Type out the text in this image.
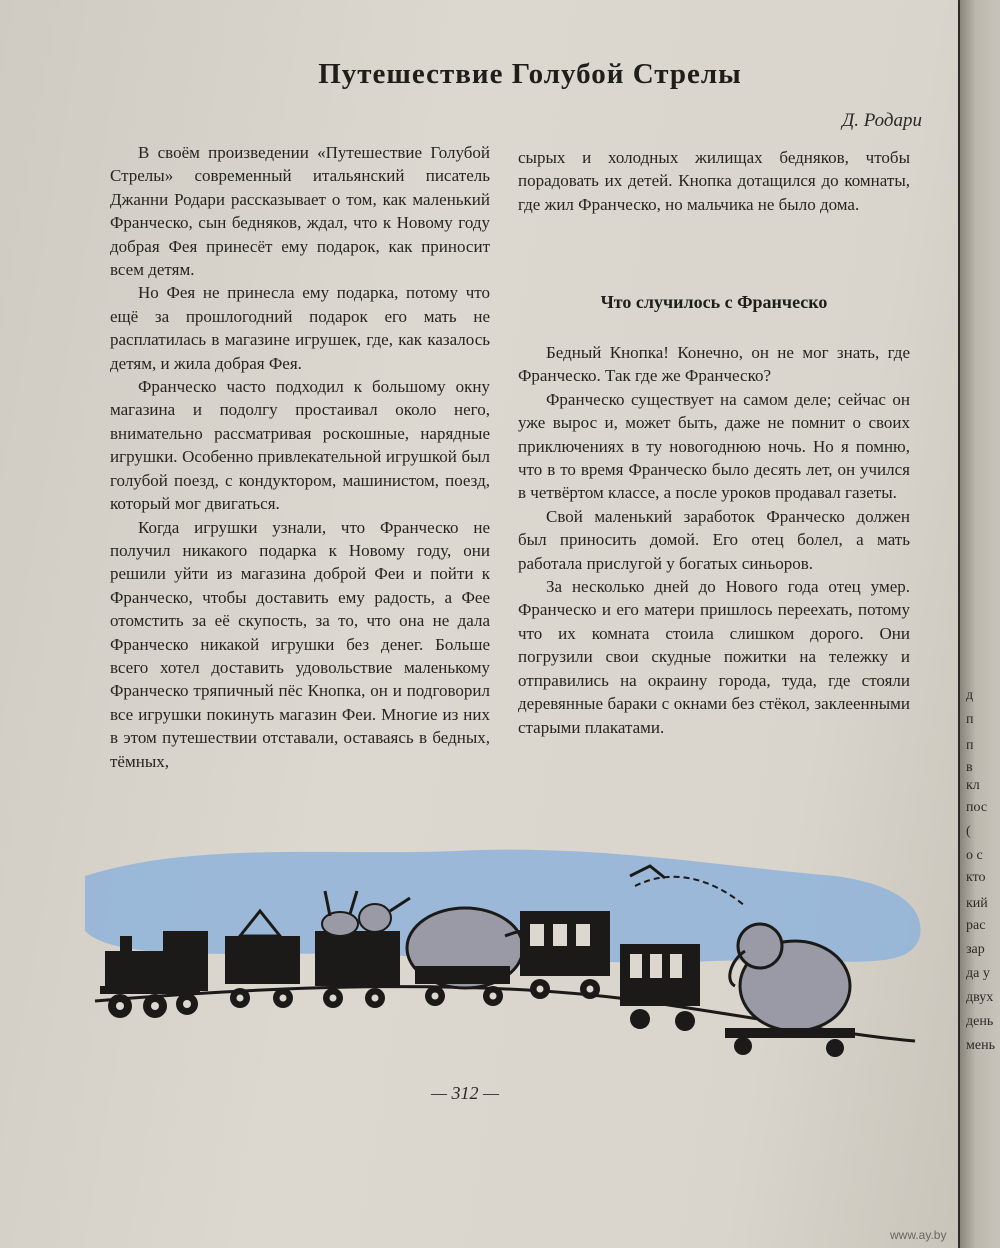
Путешествие Голубой Стрелы
Д. Родари

В своём произведении «Путешествие Голубой Стрелы» современный итальянский писатель Джанни Родари рассказывает о том, как маленький Франческо, сын бедняков, ждал, что к Новому году добрая Фея принесёт ему подарок, как приносит всем детям.

Но Фея не принесла ему подарка, потому что ещё за прошлогодний подарок его мать не расплатилась в магазине игрушек, где, как казалось детям, и жила добрая Фея.

Франческо часто подходил к большому окну магазина и подолгу простаивал около него, внимательно рассматривая роскошные, нарядные игрушки. Особенно привлекательной игрушкой был голубой поезд, с кондуктором, машинистом, поезд, который мог двигаться.

Когда игрушки узнали, что Франческо не получил никакого подарка к Новому году, они решили уйти из магазина доброй Феи и пойти к Франческо, чтобы доставить ему радость, а Фее отомстить за её скупость, за то, что она не дала Франческо никакой игрушки без денег. Больше всего хотел доставить удовольствие маленькому Франческо тряпичный пёс Кнопка, он и подговорил все игрушки покинуть магазин Феи. Многие из них в этом путешествии отставали, оставаясь в бедных, тёмных,

сырых и холодных жилищах бедняков, чтобы порадовать их детей. Кнопка дотащился до комнаты, где жил Франческо, но мальчика не было дома.

Что случилось с Франческо

Бедный Кнопка! Конечно, он не мог знать, где Франческо. Так где же Франческо?

Франческо существует на самом деле; сейчас он уже вырос и, может быть, даже не помнит о своих приключениях в ту новогоднюю ночь. Но я помню, что в то время Франческо было десять лет, он учился в четвёртом классе, а после уроков продавал газеты.

Свой маленький заработок Франческо должен был приносить домой. Его отец болел, а мать работала прислугой у богатых синьоров.

За несколько дней до Нового года отец умер. Франческо и его матери пришлось переехать, потому что их комната стоила слишком дорого. Они погрузили свои скудные пожитки на тележку и отправились на окраину города, туда, где стояли деревянные бараки с окнами без стёкол, заклеенными старыми плакатами.

— 312 —
д
п
п
в
кл
пос
(
о с
кто
кий
рас
зар
да у
двух
день
мень
www.ay.by
